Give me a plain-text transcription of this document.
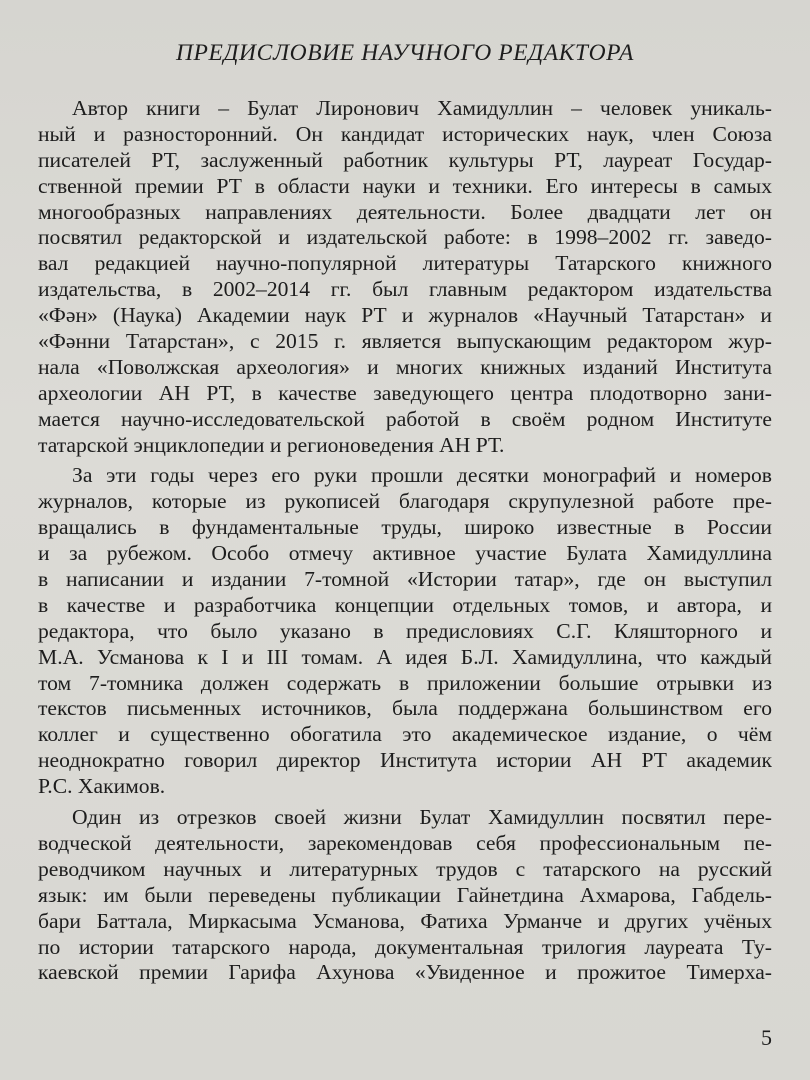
ПРЕДИСЛОВИЕ НАУЧНОГО РЕДАКТОРА
Автор книги – Булат Лиронович Хамидуллин – человек уникаль-
ный и разносторонний. Он кандидат исторических наук, член Союза
писателей РТ, заслуженный работник культуры РТ, лауреат Государ-
ственной премии РТ в области науки и техники. Его интересы в самых
многообразных направлениях деятельности. Более двадцати лет он
посвятил редакторской и издательской работе: в 1998–2002 гг. заведо-
вал редакцией научно-популярной литературы Татарского книжного
издательства, в 2002–2014 гг. был главным редактором издательства
«Фән» (Наука) Академии наук РТ и журналов «Научный Татарстан» и
«Фәнни Татарстан», с 2015 г. является выпускающим редактором жур-
нала «Поволжская археология» и многих книжных изданий Института
археологии АН РТ, в качестве заведующего центра плодотворно зани-
мается научно-исследовательской работой в своём родном Институте
татарской энциклопедии и регионоведения АН РТ.
За эти годы через его руки прошли десятки монографий и номеров
журналов, которые из рукописей благодаря скрупулезной работе пре-
вращались в фундаментальные труды, широко известные в России
и за рубежом. Особо отмечу активное участие Булата Хамидуллина
в написании и издании 7-томной «Истории татар», где он выступил
в качестве и разработчика концепции отдельных томов, и автора, и
редактора, что было указано в предисловиях С.Г. Кляшторного и
М.А. Усманова к I и III томам. А идея Б.Л. Хамидуллина, что каждый
том 7-томника должен содержать в приложении большие отрывки из
текстов письменных источников, была поддержана большинством его
коллег и существенно обогатила это академическое издание, о чём
неоднократно говорил директор Института истории АН РТ академик
Р.С. Хакимов.
Один из отрезков своей жизни Булат Хамидуллин посвятил пере-
водческой деятельности, зарекомендовав себя профессиональным пе-
реводчиком научных и литературных трудов с татарского на русский
язык: им были переведены публикации Гайнетдина Ахмарова, Габдель-
бари Баттала, Миркасыма Усманова, Фатиха Урманче и других учёных
по истории татарского народа, документальная трилогия лауреата Ту-
каевской премии Гарифа Ахунова «Увиденное и прожитое Тимерха-
5
